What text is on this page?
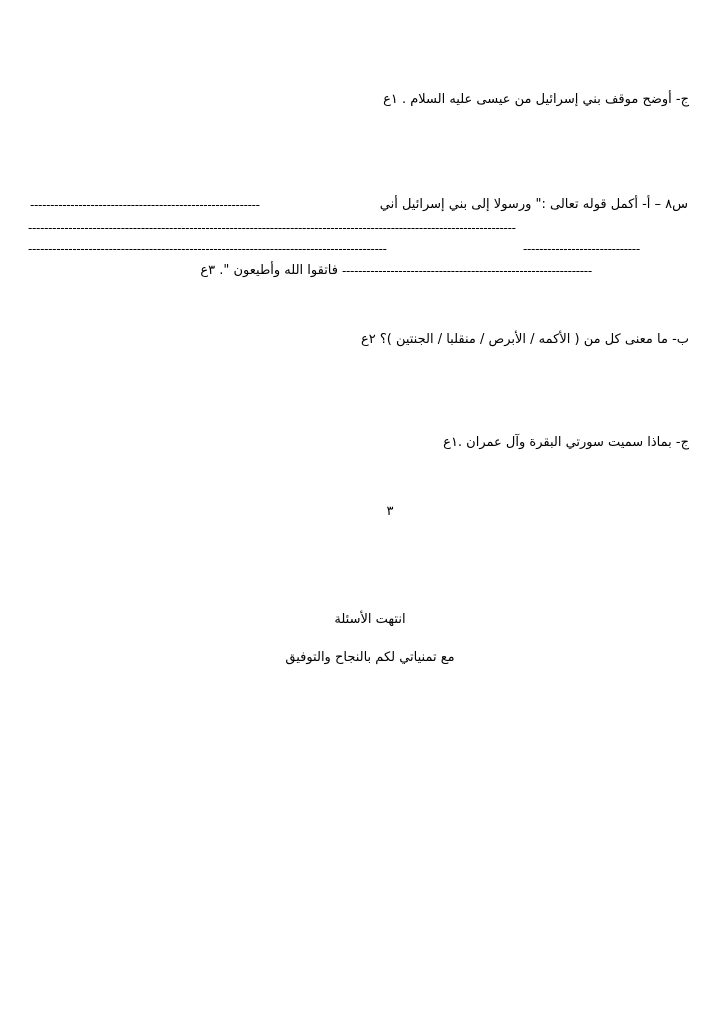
ج- أوضح موقف بني إسرائيل من عيسى عليه السلام . ١ع
س٨ – أ- أكمل قوله تعالى :" ورسولا إلى بني إسرائيل أني
---------------------------------------------------------
-------------------------------------------------------------------------------------------------------------------------
-----------------------------------------------------------------------------------------	-----------------------------
--------------------------------------------------------------
فاتقوا الله وأطيعون ". ٣ع
ب- ما معنى كل من ( الأكمه / الأبرص / منقلبا / الجنتين )؟ ٢ع
ج- بماذا سميت سورتي البقرة وآل عمران .١ع
٣
انتهت الأسئلة
مع تمنياتي لكم بالنجاح والتوفيق
